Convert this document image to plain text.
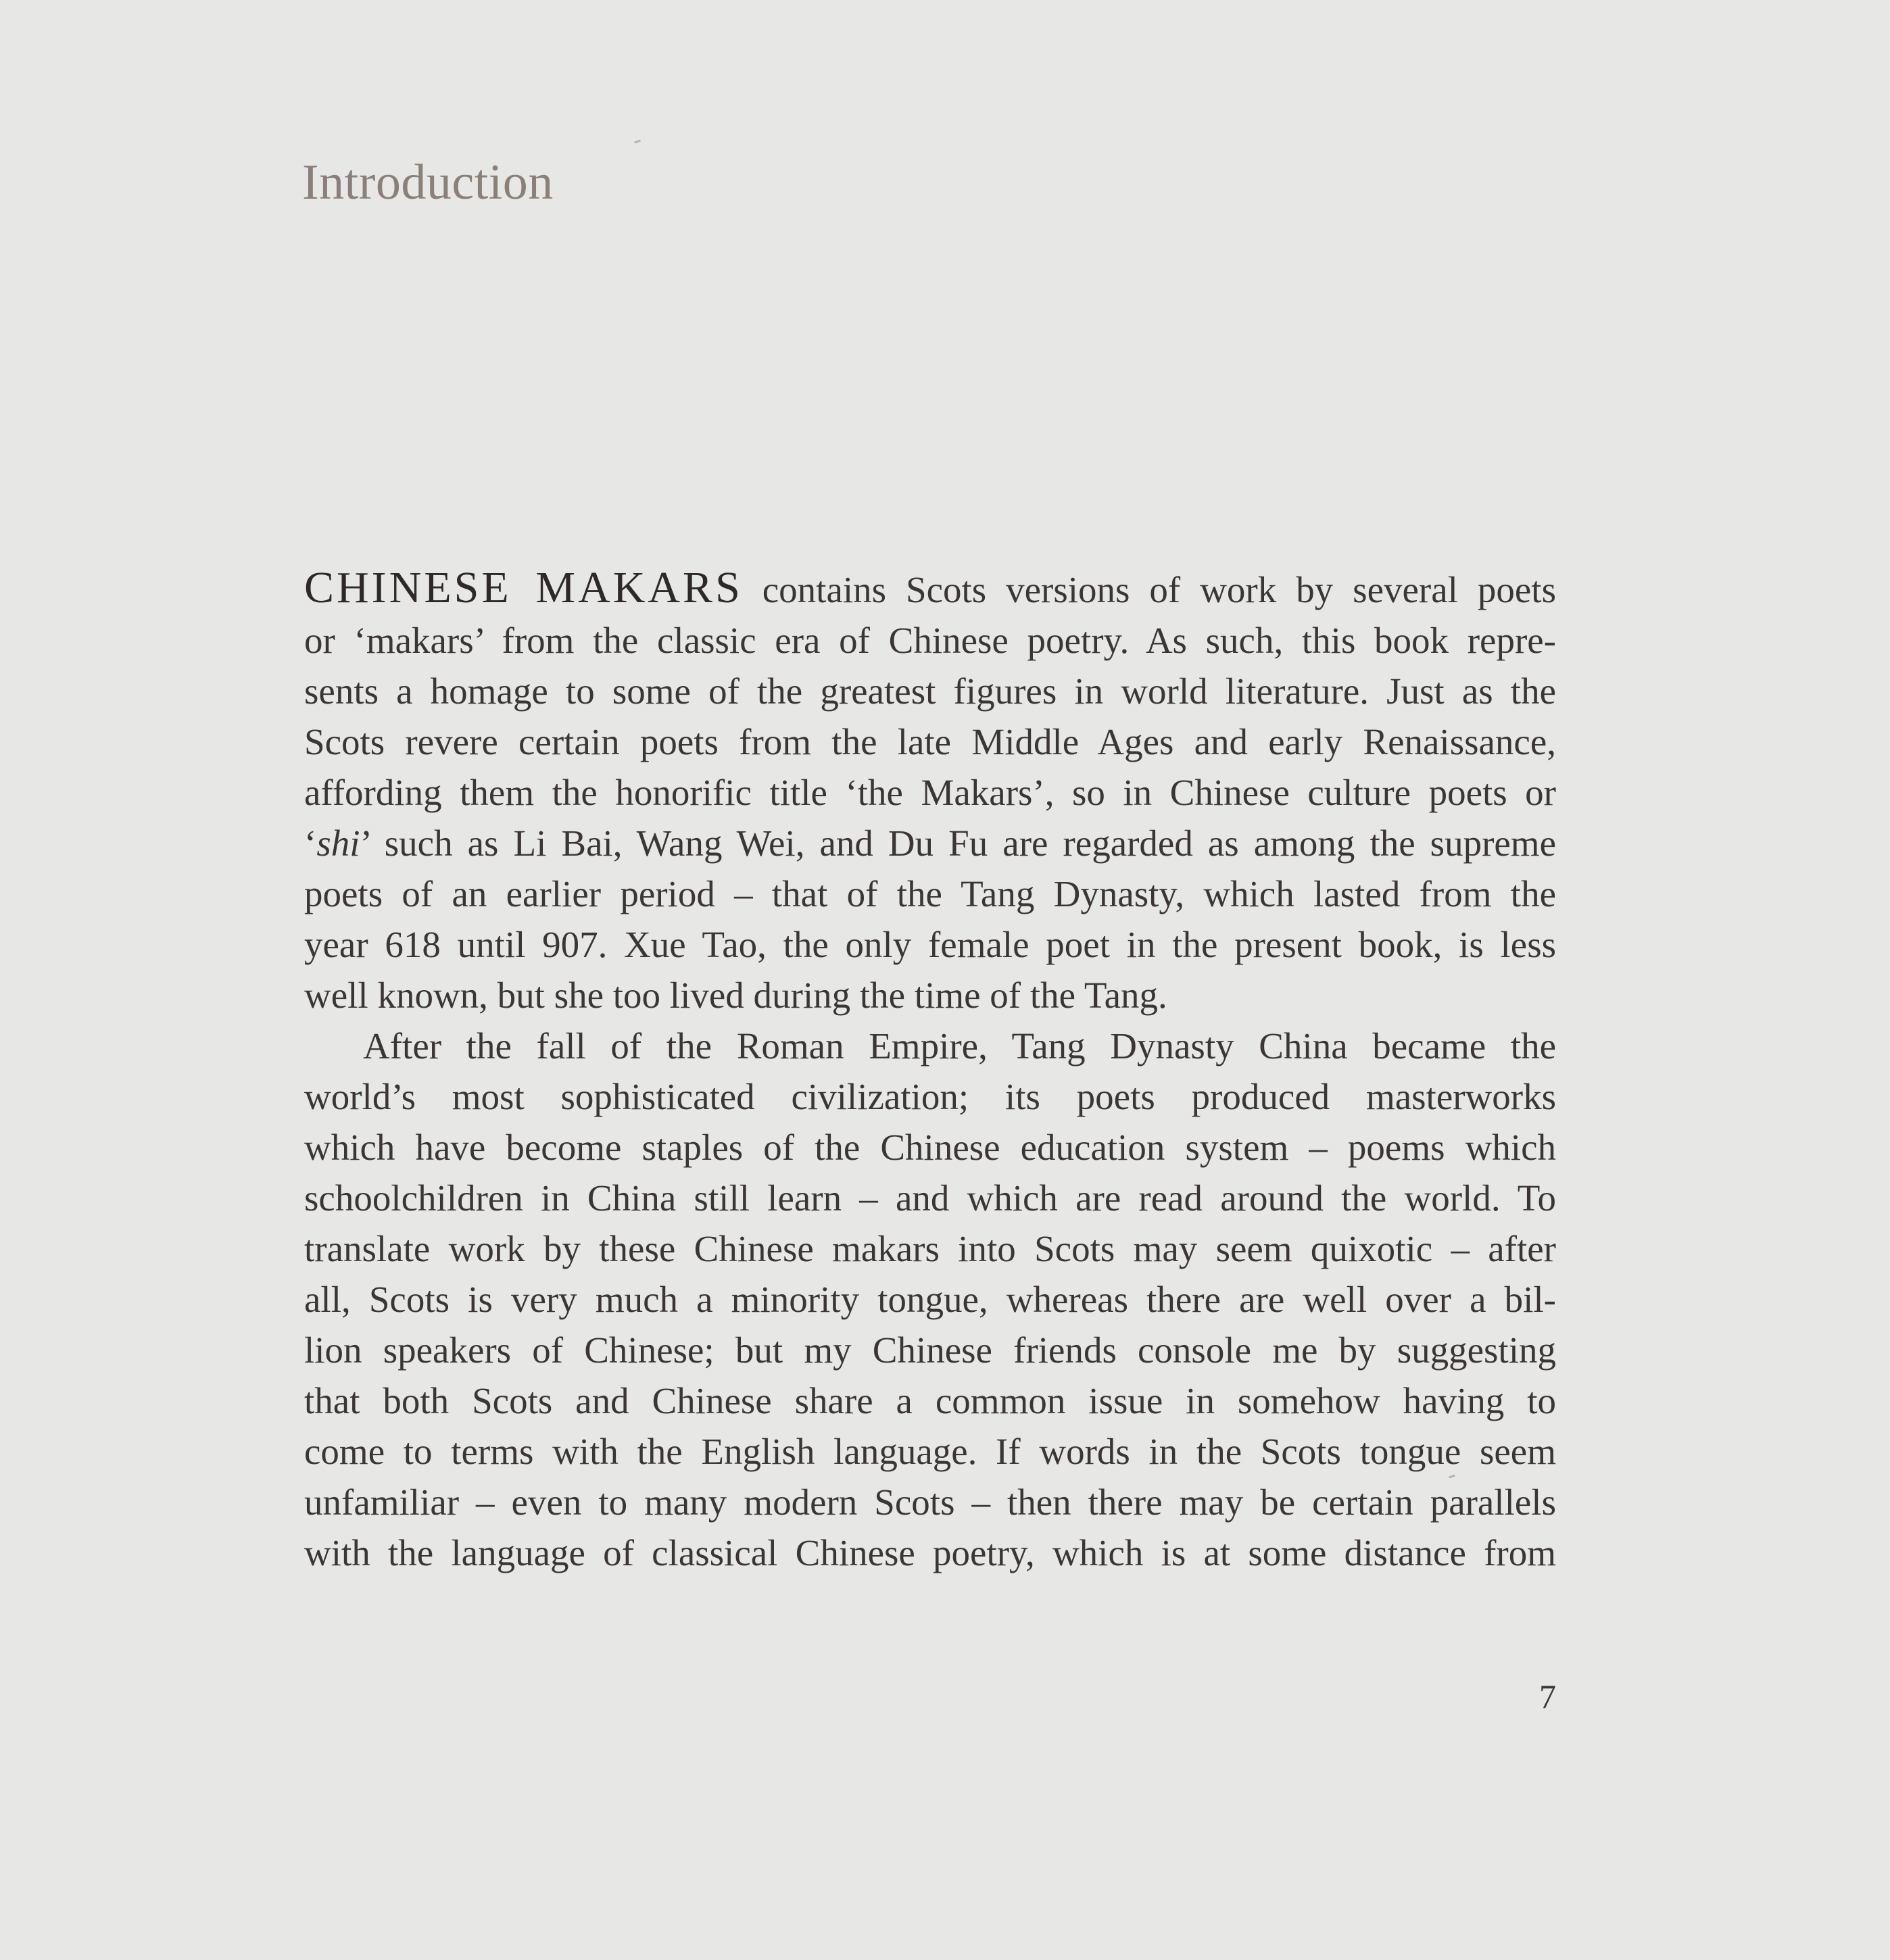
Introduction
CHINESE MAKARS contains Scots versions of work by several poets
or ‘makars’ from the classic era of Chinese poetry. As such, this book repre-
sents a homage to some of the greatest figures in world literature. Just as the
Scots revere certain poets from the late Middle Ages and early Renaissance,
affording them the honorific title ‘the Makars’, so in Chinese culture poets or
‘shi’ such as Li Bai, Wang Wei, and Du Fu are regarded as among the supreme
poets of an earlier period – that of the Tang Dynasty, which lasted from the
year 618 until 907. Xue Tao, the only female poet in the present book, is less
well known, but she too lived during the time of the Tang.
After the fall of the Roman Empire, Tang Dynasty China became the
world’s most sophisticated civilization; its poets produced masterworks
which have become staples of the Chinese education system – poems which
schoolchildren in China still learn – and which are read around the world. To
translate work by these Chinese makars into Scots may seem quixotic – after
all, Scots is very much a minority tongue, whereas there are well over a bil-
lion speakers of Chinese; but my Chinese friends console me by suggesting
that both Scots and Chinese share a common issue in somehow having to
come to terms with the English language. If words in the Scots tongue seem
unfamiliar – even to many modern Scots – then there may be certain parallels
with the language of classical Chinese poetry, which is at some distance from
7
